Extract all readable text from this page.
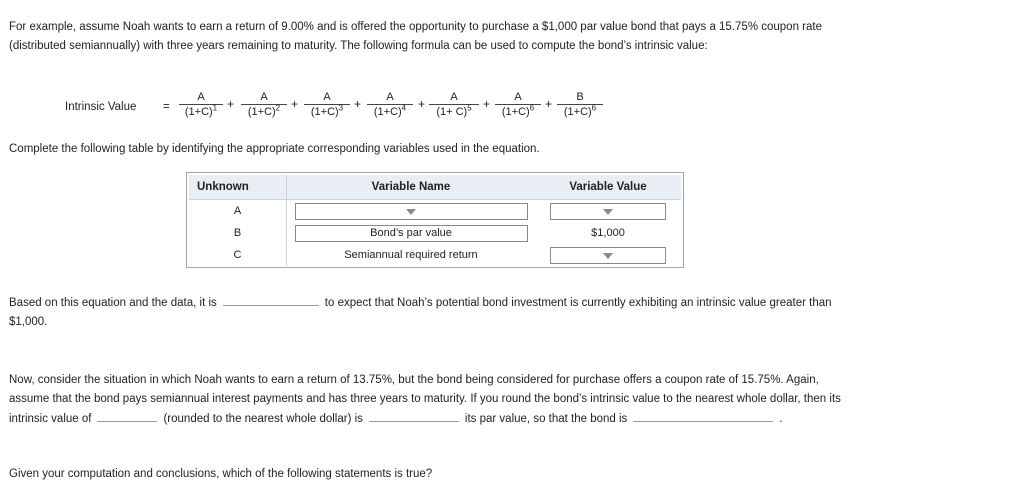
For example, assume Noah wants to earn a return of 9.00% and is offered the opportunity to purchase a $1,000 par value bond that pays a 15.75% coupon rate (distributed semiannually) with three years remaining to maturity. The following formula can be used to compute the bond’s intrinsic value:
Intrinsic Value =
A
$(1+C)^1$ +	A
$(1+C)^2$ +	A
$(1+C)^3$ +	A
$(1+C)^4$ +	A
$(1+ C)^5$ +	A
$(1+C)^6$ +	B
$(1+C)^6$
Complete the following table by identifying the appropriate corresponding variables used in the equation.
Unknown	Variable Name	Variable Value
A		
B	Bond’s par value	$1,000
C	Semiannual required return	
Based on this equation and the data, it is	to expect that Noah’s potential bond investment is currently exhibiting an intrinsic value greater than $1,000.
Now, consider the situation in which Noah wants to earn a return of 13.75%, but the bond being considered for purchase offers a coupon rate of 15.75%. Again, assume that the bond pays semiannual interest payments and has three years to maturity. If you round the bond’s intrinsic value to the nearest whole dollar, then its intrinsic value of	(rounded to the nearest whole dollar) is	its par value, so that the bond is	.
Given your computation and conclusions, which of the following statements is true?
